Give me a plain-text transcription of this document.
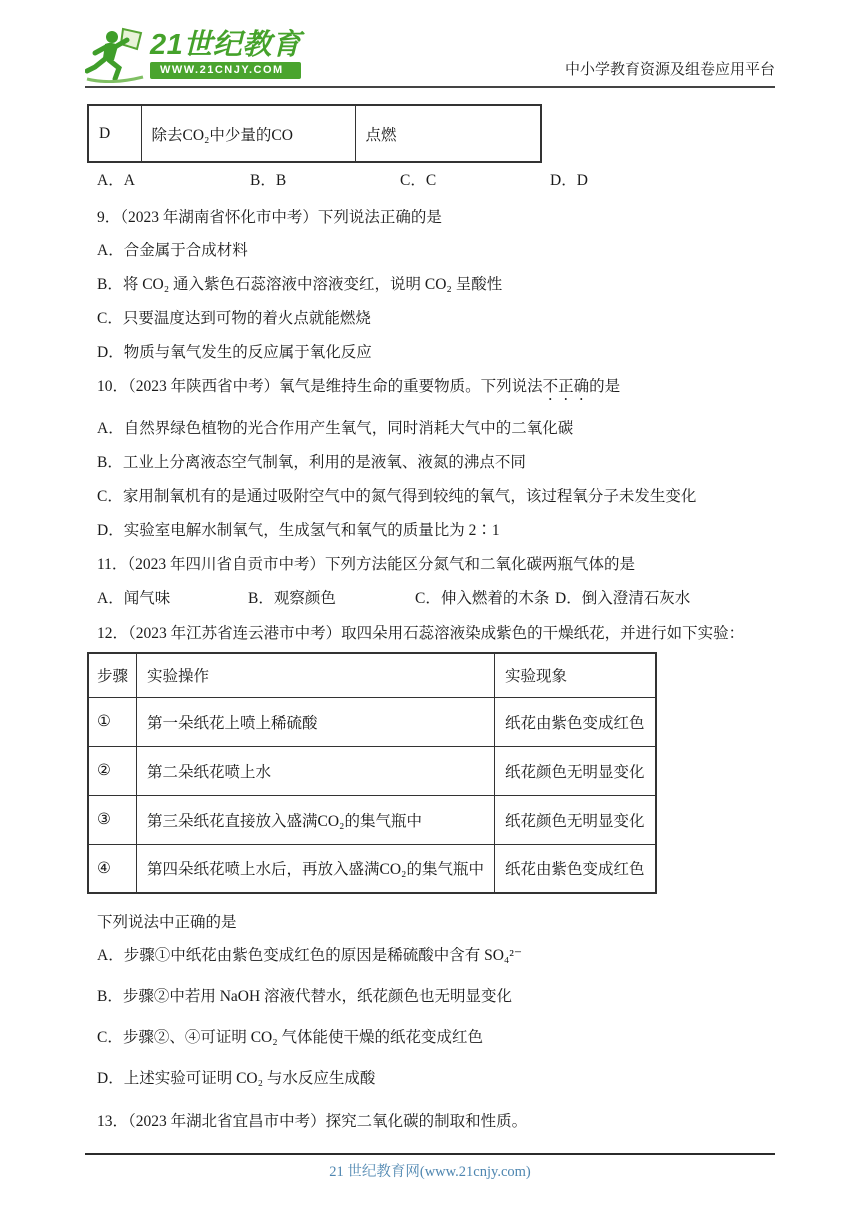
21世纪教育
WWW.21CNJY.COM	中小学教育资源及组卷应用平台
D	除去CO₂中少量的CO	点燃
A．A	B．B	C．C	D．D

9．（2023 年湖南省怀化市中考）下列说法正确的是

A．合金属于合成材料

B．将 CO₂ 通入紫色石蕊溶液中溶液变红，说明 CO₂ 呈酸性

C．只要温度达到可物的着火点就能燃烧

D．物质与氧气发生的反应属于氧化反应

10．（2023 年陕西省中考）氧气是维持生命的重要物质。下列说法不正确的是

A．自然界绿色植物的光合作用产生氧气，同时消耗大气中的二氧化碳

B．工业上分离液态空气制氧，利用的是液氧、液氮的沸点不同

C．家用制氧机有的是通过吸附空气中的氮气得到较纯的氧气，该过程氧分子未发生变化

D．实验室电解水制氧气，生成氢气和氧气的质量比为 2∶1

11．（2023 年四川省自贡市中考）下列方法能区分氮气和二氧化碳两瓶气体的是

A．闻气味	B．观察颜色	C．伸入燃着的木条 D．倒入澄清石灰水

12．（2023 年江苏省连云港市中考）取四朵用石蕊溶液染成紫色的干燥纸花，并进行如下实验：

步骤	实验操作	实验现象
①	第一朵纸花上喷上稀硫酸	纸花由紫色变成红色
②	第二朵纸花喷上水	纸花颜色无明显变化
③	第三朵纸花直接放入盛满CO₂的集气瓶中	纸花颜色无明显变化
④	第四朵纸花喷上水后，再放入盛满CO₂的集气瓶中	纸花由紫色变成红色

下列说法中正确的是

A．步骤①中纸花由紫色变成红色的原因是稀硫酸中含有 SO₄²⁻

B．步骤②中若用 NaOH 溶液代替水，纸花颜色也无明显变化

C．步骤②、④可证明 CO₂ 气体能使干燥的纸花变成红色

D．上述实验可证明 CO₂ 与水反应生成酸

13．（2023 年湖北省宜昌市中考）探究二氧化碳的制取和性质。

21 世纪教育网(www.21cnjy.com)
